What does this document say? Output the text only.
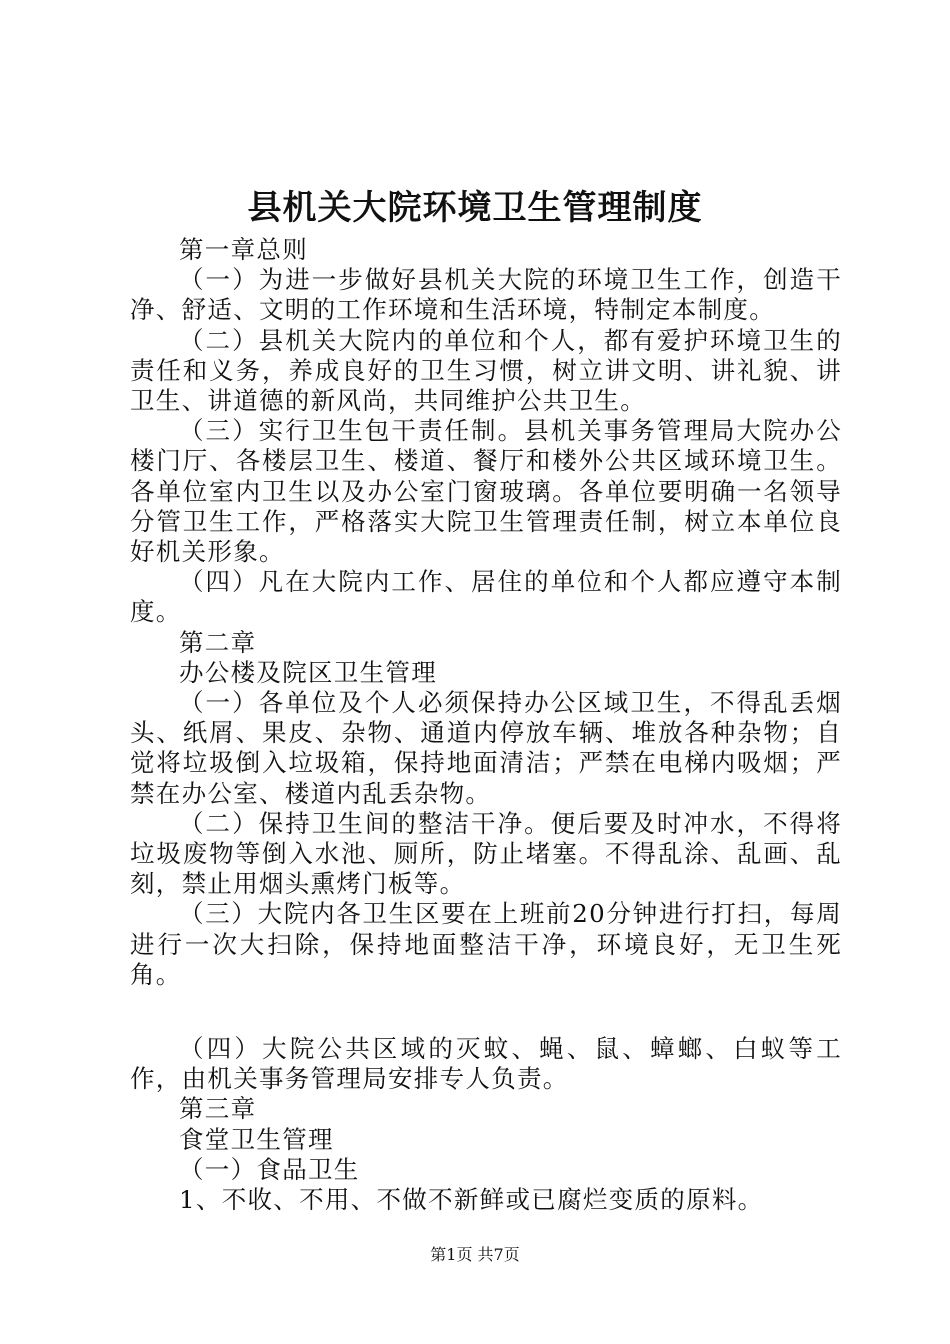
县机关大院环境卫生管理制度

第一章总则

（一）为进一步做好县机关大院的环境卫生工作，创造干净、舒适、文明的工作环境和生活环境，特制定本制度。

（二）县机关大院内的单位和个人，都有爱护环境卫生的责任和义务，养成良好的卫生习惯，树立讲文明、讲礼貌、讲卫生、讲道德的新风尚，共同维护公共卫生。

（三）实行卫生包干责任制。县机关事务管理局大院办公楼门厅、各楼层卫生、楼道、餐厅和楼外公共区域环境卫生。各单位室内卫生以及办公室门窗玻璃。各单位要明确一名领导分管卫生工作，严格落实大院卫生管理责任制，树立本单位良好机关形象。

（四）凡在大院内工作、居住的单位和个人都应遵守本制度。

第二章

办公楼及院区卫生管理

（一）各单位及个人必须保持办公区域卫生，不得乱丢烟头、纸屑、果皮、杂物、通道内停放车辆、堆放各种杂物；自觉将垃圾倒入垃圾箱，保持地面清洁；严禁在电梯内吸烟；严禁在办公室、楼道内乱丢杂物。

（二）保持卫生间的整洁干净。便后要及时冲水，不得将垃圾废物等倒入水池、厕所，防止堵塞。不得乱涂、乱画、乱刻，禁止用烟头熏烤门板等。

（三）大院内各卫生区要在上班前20分钟进行打扫，每周进行一次大扫除，保持地面整洁干净，环境良好，无卫生死角。

（四）大院公共区域的灭蚊、蝇、鼠、蟑螂、白蚁等工作，由机关事务管理局安排专人负责。

第三章

食堂卫生管理

（一）食品卫生

1、不收、不用、不做不新鲜或已腐烂变质的原料。

第1页 共7页
